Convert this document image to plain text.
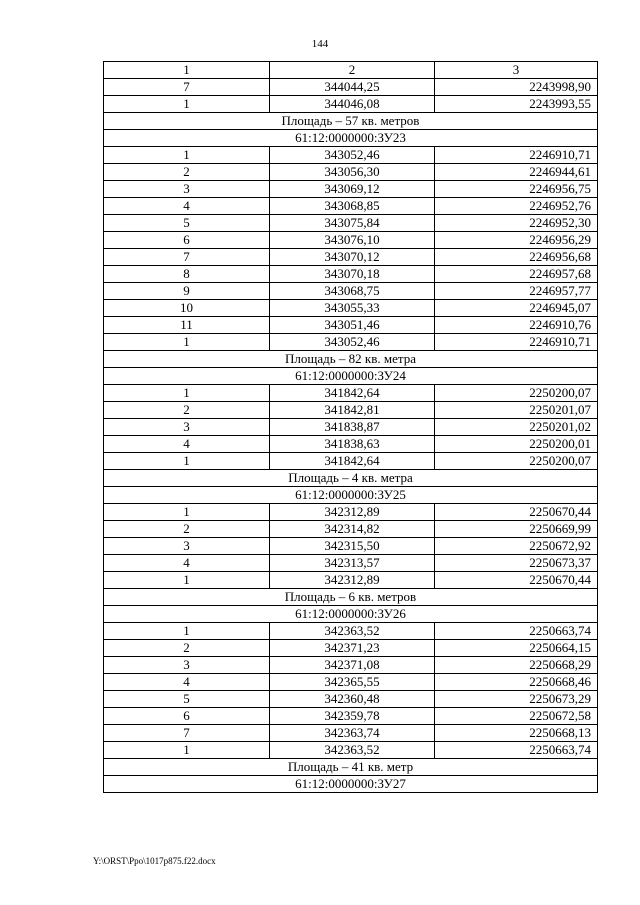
144
1	2	3
7	344044,25	2243998,90
1	344046,08	2243993,55
Площадь – 57 кв. метров		
61:12:0000000:ЗУ23		
1	343052,46	2246910,71
2	343056,30	2246944,61
3	343069,12	2246956,75
4	343068,85	2246952,76
5	343075,84	2246952,30
6	343076,10	2246956,29
7	343070,12	2246956,68
8	343070,18	2246957,68
9	343068,75	2246957,77
10	343055,33	2246945,07
11	343051,46	2246910,76
1	343052,46	2246910,71
Площадь – 82 кв. метра		
61:12:0000000:ЗУ24		
1	341842,64	2250200,07
2	341842,81	2250201,07
3	341838,87	2250201,02
4	341838,63	2250200,01
1	341842,64	2250200,07
Площадь – 4 кв. метра		
61:12:0000000:ЗУ25		
1	342312,89	2250670,44
2	342314,82	2250669,99
3	342315,50	2250672,92
4	342313,57	2250673,37
1	342312,89	2250670,44
Площадь – 6 кв. метров		
61:12:0000000:ЗУ26		
1	342363,52	2250663,74
2	342371,23	2250664,15
3	342371,08	2250668,29
4	342365,55	2250668,46
5	342360,48	2250673,29
6	342359,78	2250672,58
7	342363,74	2250668,13
1	342363,52	2250663,74
Площадь – 41 кв. метр		
61:12:0000000:ЗУ27		
Y:\ORST\Ppo\1017p875.f22.docx
